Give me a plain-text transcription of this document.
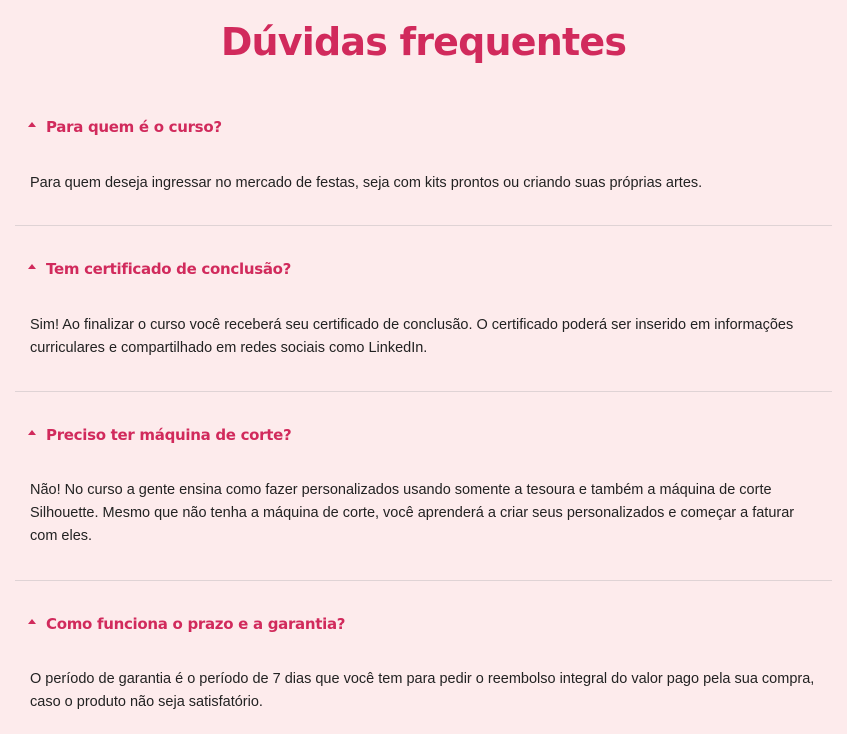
Dúvidas frequentes
Para quem é o curso?

Para quem deseja ingressar no mercado de festas, seja com kits prontos ou criando suas próprias artes.

Tem certificado de conclusão?

Sim! Ao finalizar o curso você receberá seu certificado de conclusão. O certificado poderá ser inserido em informações curriculares e compartilhado em redes sociais como LinkedIn.

Preciso ter máquina de corte?

Não! No curso a gente ensina como fazer personalizados usando somente a tesoura e também a máquina de corte Silhouette. Mesmo que não tenha a máquina de corte, você aprenderá a criar seus personalizados e começar a faturar com eles.

Como funciona o prazo e a garantia?

O período de garantia é o período de 7 dias que você tem para pedir o reembolso integral do valor pago pela sua compra, caso o produto não seja satisfatório.
